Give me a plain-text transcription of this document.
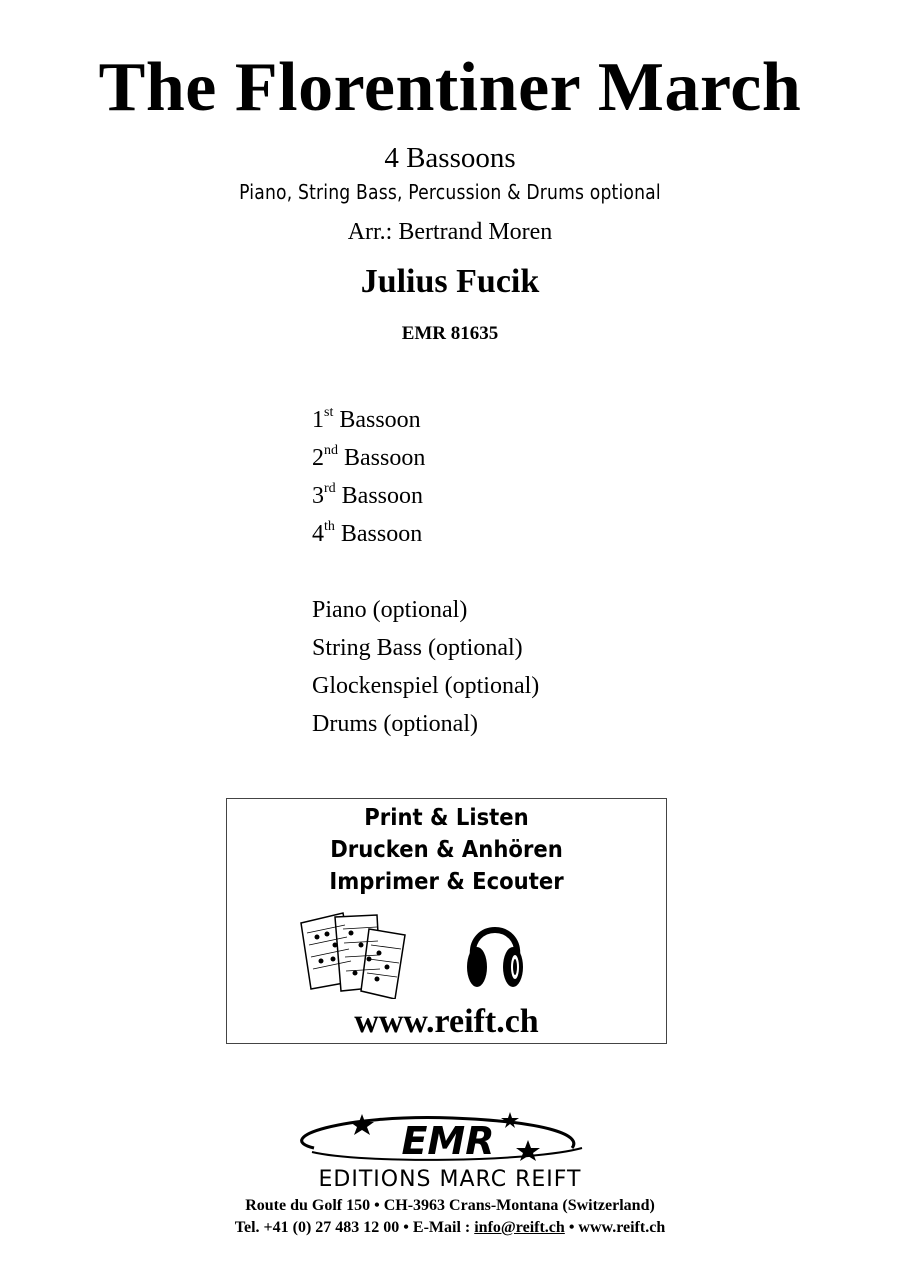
The Florentiner March
4 Bassoons
Piano, String Bass, Percussion & Drums optional
Arr.: Bertrand Moren
Julius Fucik
EMR 81635
1st Bassoon
2nd Bassoon
3rd Bassoon
4th Bassoon
Piano (optional)
String Bass (optional)
Glockenspiel (optional)
Drums (optional)
Print & Listen
Drucken & Anhören
Imprimer & Ecouter
www.reift.ch
EMR
EDITIONS MARC REIFT
Route du Golf 150 • CH-3963 Crans-Montana (Switzerland)
Tel. +41 (0) 27 483 12 00 • E-Mail : info@reift.ch • www.reift.ch
